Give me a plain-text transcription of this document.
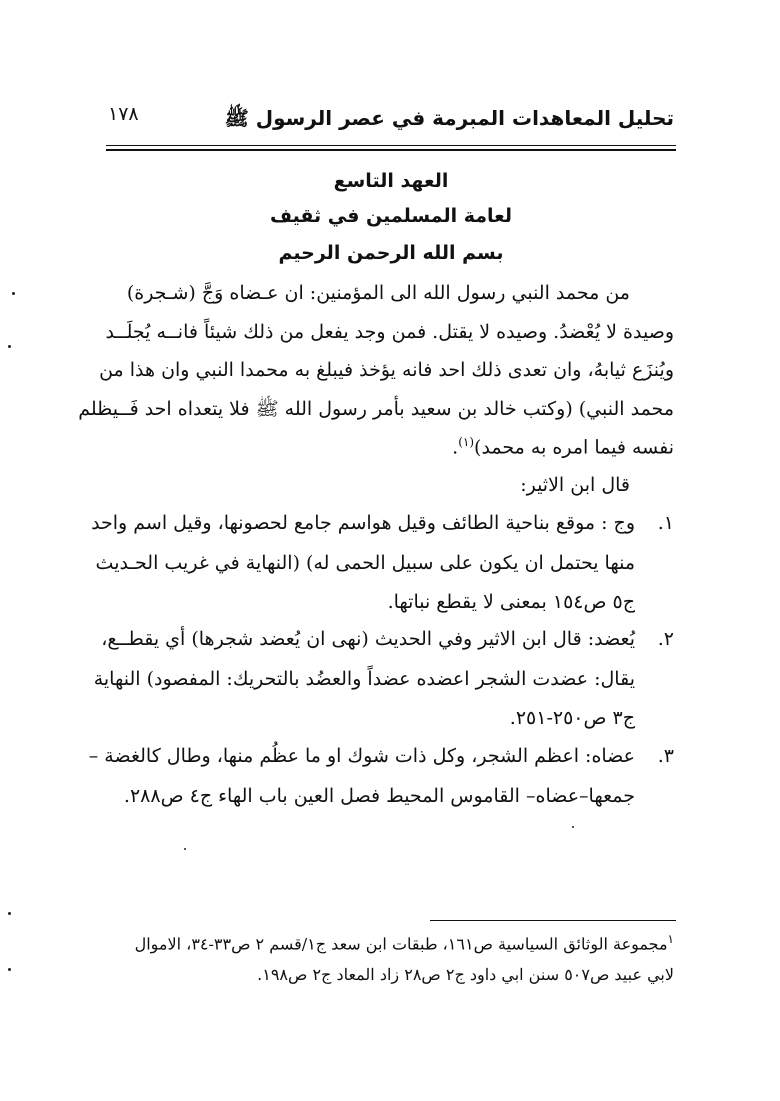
تحليل المعاهدات المبرمة في عصر الرسول ﷺ
١٧٨
العهد التاسع
لعامة المسلمين في ثقيف
بسم الله الرحمن الرحيم
من محمد النبي رسول الله الى المؤمنين: ان عـضاه وَجَّ (شـجرة)
وصيدة لا يُعْضدُ. وصيده لا يقتل. فمن وجد يفعل من ذلك شيئاً فانــه يُجلَــد
ويُنزَع ثيابهُ، وان تعدى ذلك احد فانه يؤخذ فيبلغ به محمدا النبي وان هذا من
محمد النبي) (وكتب خالد بن سعيد بأمر رسول الله ﷺ فلا يتعداه احد فَــيظلم
نفسه فيما امره به محمد)$^{(١)}$.
قال ابن الاثير:
١.
وج : موقع بناحية الطائف وقيل هواسم جامع لحصونها، وقيل اسم واحد
منها يحتمل ان يكون على سبيل الحمى له) (النهاية في غريب الحـديث
ج٥ ص١٥٤ بمعنى لا يقطع نباتها.
٢.
يُعضد: قال ابن الاثير وفي الحديث (نهى ان يُعضد شجرها) أي يقطــع،
يقال: عضدت الشجر اعضده عضداً والعضُد بالتحريك: المفصود) النهاية
ج٣ ص٢٥٠-٢٥١.
٣.
عضاه: اعظم الشجر، وكل ذات شوك او ما عظُم منها، وطال كالغضة –
جمعها–عضاه– القاموس المحيط فصل العين باب الهاء ج٤ ص٢٨٨.
$^١$مجموعة الوثائق السياسية ص١٦١، طبقات ابن سعد ج١/قسم ٢ ص٣٣-٣٤، الاموال
لابي عبيد ص٥٠٧ سنن ابي داود ج٢ ص٢٨ زاد المعاد ج٢ ص١٩٨.
